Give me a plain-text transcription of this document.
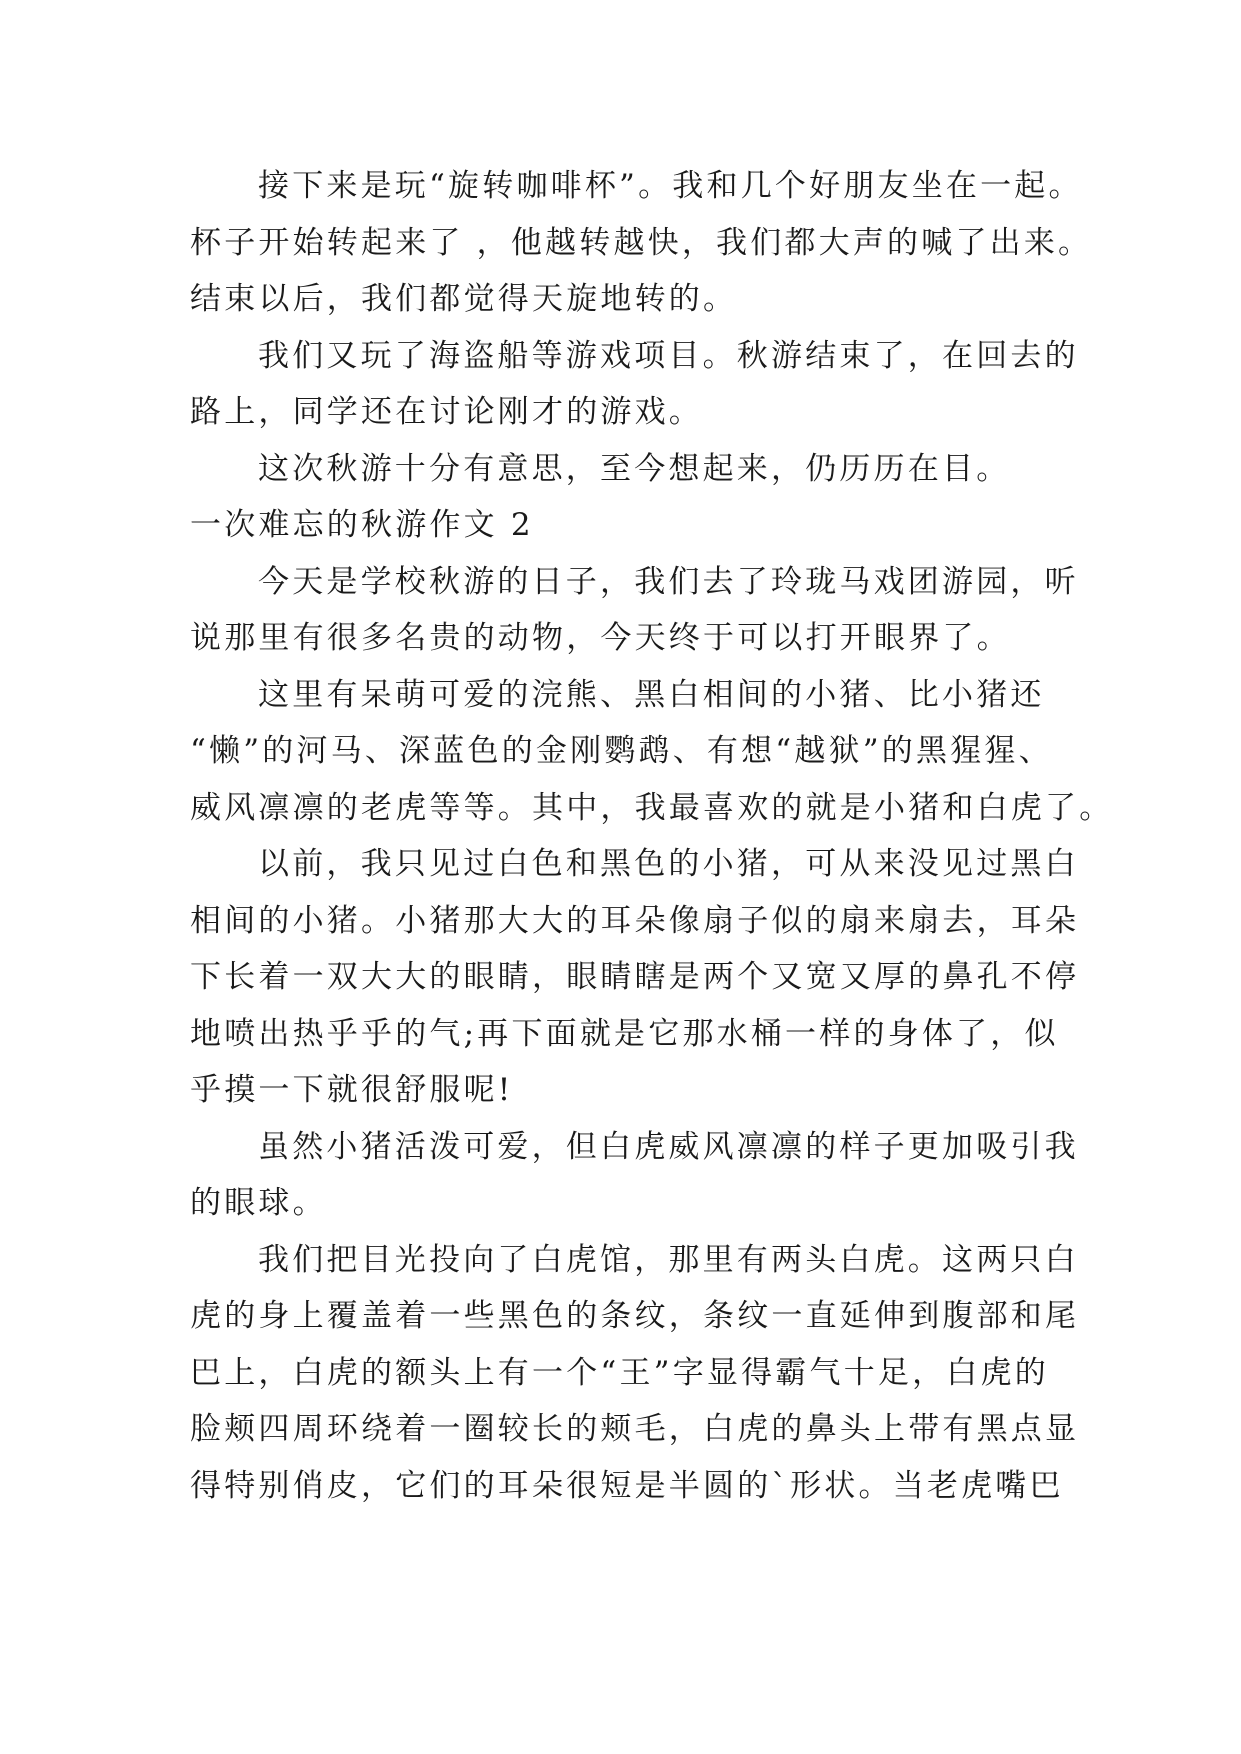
接下来是玩“旋转咖啡杯”。我和几个好朋友坐在一起。
杯子开始转起来了 ，他越转越快，我们都大声的喊了出来。
结束以后，我们都觉得天旋地转的。

我们又玩了海盗船等游戏项目。秋游结束了，在回去的
路上，同学还在讨论刚才的游戏。

这次秋游十分有意思，至今想起来，仍历历在目。

一次难忘的秋游作文 2

今天是学校秋游的日子，我们去了玲珑马戏团游园，听
说那里有很多名贵的动物，今天终于可以打开眼界了。

这里有呆萌可爱的浣熊、黑白相间的小猪、比小猪还
“懒”的河马、深蓝色的金刚鹦鹉、有想“越狱”的黑猩猩、
威风凛凛的老虎等等。其中，我最喜欢的就是小猪和白虎了。

以前，我只见过白色和黑色的小猪，可从来没见过黑白
相间的小猪。小猪那大大的耳朵像扇子似的扇来扇去，耳朵
下长着一双大大的眼睛，眼睛瞎是两个又宽又厚的鼻孔不停
地喷出热乎乎的气;再下面就是它那水桶一样的身体了，似
乎摸一下就很舒服呢!

虽然小猪活泼可爱，但白虎威风凛凛的样子更加吸引我
的眼球。

我们把目光投向了白虎馆，那里有两头白虎。这两只白
虎的身上覆盖着一些黑色的条纹，条纹一直延伸到腹部和尾
巴上，白虎的额头上有一个“王”字显得霸气十足，白虎的
脸颊四周环绕着一圈较长的颊毛，白虎的鼻头上带有黑点显
得特别俏皮，它们的耳朵很短是半圆的`形状。当老虎嘴巴
